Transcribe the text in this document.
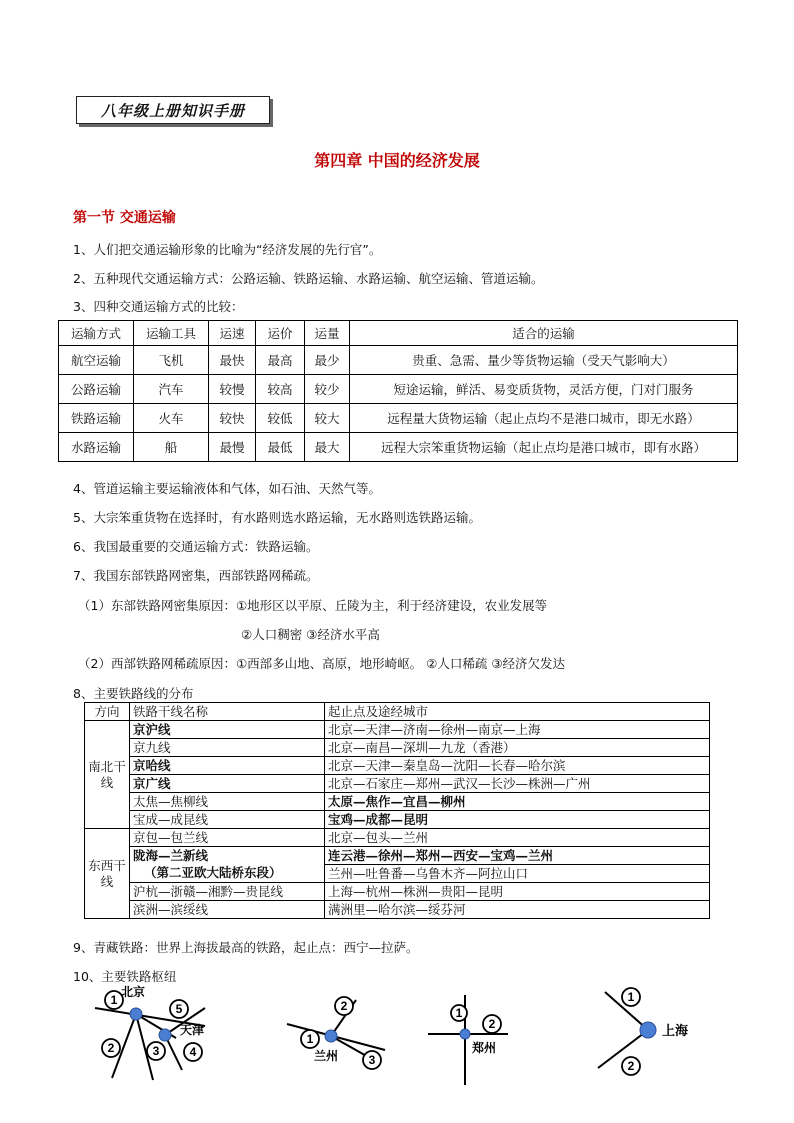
八年级上册知识手册
第四章 中国的经济发展
第一节 交通运输
1、人们把交通运输形象的比喻为“经济发展的先行官”。
2、五种现代交通运输方式：公路运输、铁路运输、水路运输、航空运输、管道运输。
3、四种交通运输方式的比较：
运输方式	运输工具	运速	运价	运量	适合的运输
航空运输	飞机	最快	最高	最少	贵重、急需、量少等货物运输（受天气影响大）
公路运输	汽车	较慢	较高	较少	短途运输，鲜活、易变质货物，灵活方便，门对门服务
铁路运输	火车	较快	较低	较大	远程量大货物运输（起止点均不是港口城市，即无水路）
水路运输	船	最慢	最低	最大	远程大宗笨重货物运输（起止点均是港口城市，即有水路）
4、管道运输主要运输液体和气体，如石油、天然气等。
5、大宗笨重货物在选择时，有水路则选水路运输，无水路则选铁路运输。
6、我国最重要的交通运输方式：铁路运输。
7、我国东部铁路网密集，西部铁路网稀疏。
（1）东部铁路网密集原因：①地形区以平原、丘陵为主，利于经济建设，农业发展等
②人口稠密 ③经济水平高
（2）西部铁路网稀疏原因：①西部多山地、高原，地形崎岖。 ②人口稀疏 ③经济欠发达
8、主要铁路线的分布
方向	铁路干线名称	起止点及途经城市
南北干线	京沪线	北京—天津—济南—徐州—南京—上海
	京九线	北京—南昌—深圳—九龙（香港）
	京哈线	北京—天津—秦皇岛—沈阳—长春—哈尔滨
	京广线	北京—石家庄—郑州—武汉—长沙—株洲—广州
	太焦—焦柳线	太原—焦作—宜昌—柳州
	宝成—成昆线	宝鸡—成都—昆明
东西干线	京包—包兰线	北京—包头—兰州
	陇海—兰新线	连云港—徐州—郑州—西安—宝鸡—兰州
	（第二亚欧大陆桥东段）	兰州—吐鲁番—乌鲁木齐—阿拉山口
	沪杭—浙赣—湘黔—贵昆线	上海—杭州—株洲—贵阳—昆明
	滨洲—滨绥线	满洲里—哈尔滨—绥芬河
9、青藏铁路：世界上海拔最高的铁路，起止点：西宁—拉萨。
10、主要铁路枢纽
1
2	3	4
5	2
1
3
1
2
1
2
北京
天津
兰州
郑州
上海
